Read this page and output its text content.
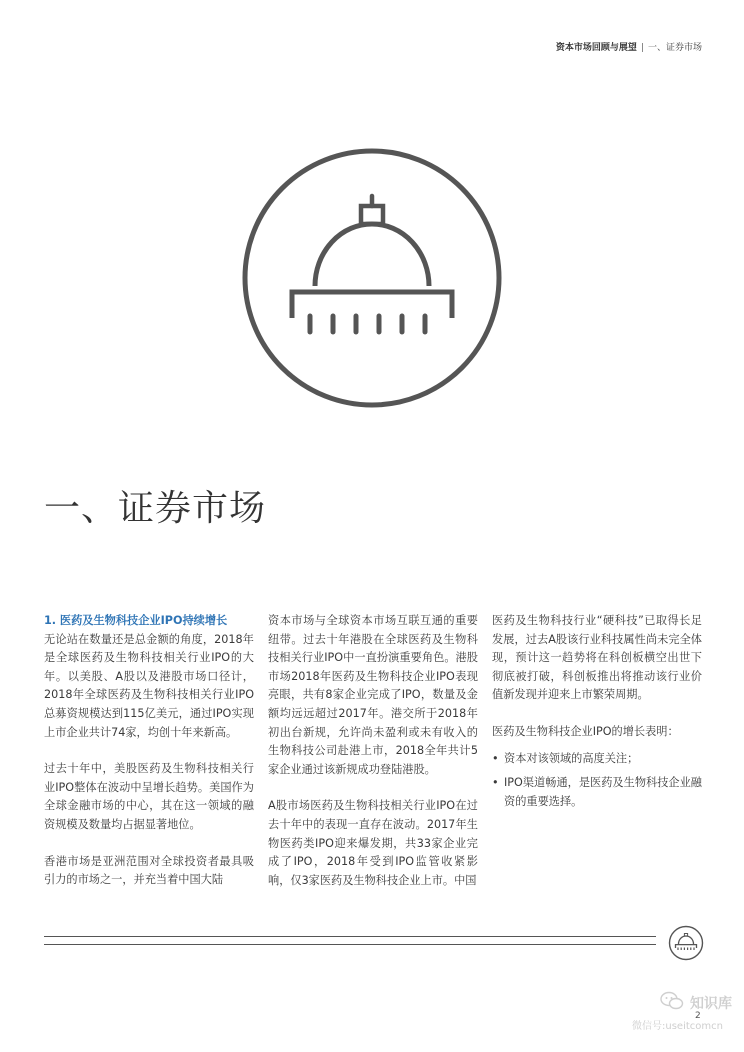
资本市场回顾与展望 | 一、证券市场
一、证券市场

1. 医药及生物科技企业IPO持续增长

无论站在数量还是总金额的角度，2018年是全球医药及生物科技相关行业IPO的大年。以美股、A股以及港股市场口径计，2018年全球医药及生物科技相关行业IPO总募资规模达到115亿美元，通过IPO实现上市企业共计74家，均创十年来新高。

过去十年中，美股医药及生物科技相关行业IPO整体在波动中呈增长趋势。美国作为全球金融市场的中心，其在这一领域的融资规模及数量均占据显著地位。

香港市场是亚洲范围对全球投资者最具吸引力的市场之一，并充当着中国大陆

资本市场与全球资本市场互联互通的重要纽带。过去十年港股在全球医药及生物科技相关行业IPO中一直扮演重要角色。港股市场2018年医药及生物科技企业IPO表现亮眼，共有8家企业完成了IPO，数量及金额均远远超过2017年。港交所于2018年初出台新规，允许尚未盈利或未有收入的生物科技公司赴港上市，2018全年共计5家企业通过该新规成功登陆港股。

A股市场医药及生物科技相关行业IPO在过去十年中的表现一直存在波动。2017年生物医药类IPO迎来爆发期，共33家企业完成了IPO，2018年受到IPO监管收紧影响，仅3家医药及生物科技企业上市。中国

医药及生物科技行业“硬科技”已取得长足发展，过去A股该行业科技属性尚未完全体现，预计这一趋势将在科创板横空出世下彻底被打破，科创板推出将推动该行业价值新发现并迎来上市繁荣周期。

医药及生物科技企业IPO的增长表明：

• 资本对该领域的高度关注；
• IPO渠道畅通，是医药及生物科技企业融资的重要选择。
知识库
2
微信号:useitcomcn
